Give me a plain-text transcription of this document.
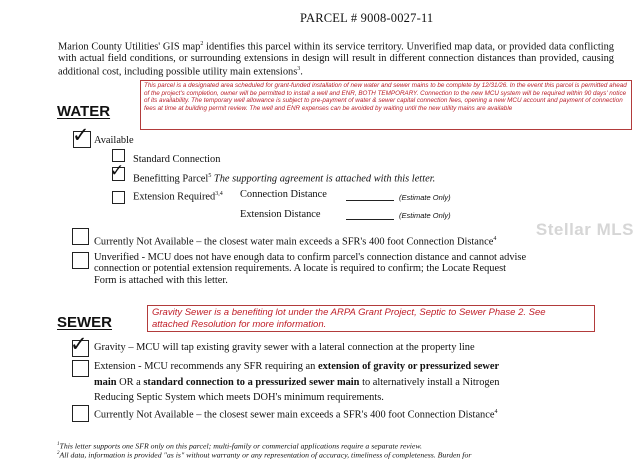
PARCEL # 9008-0027-11
Marion County Utilities' GIS map$^2$ identifies this parcel within its service territory. Unverified map data, or provided data conflicting with actual field conditions, or surrounding extensions in design will result in different connection distances than provided, causing additional cost, including possible utility main extensions$^3$.
This parcel is a designated area scheduled for grant-funded installation of new water and sewer mains to be complete by 12/31/26. In the event this parcel is permitted ahead of the project's completion, owner will be permitted to install a well and ENR, BOTH TEMPORARY. Connection to the new MCU system will be required within 90 days' notice of its availability. The temporary well allowance is subject to pre-payment of water & sewer capital connection fees, opening a new MCU account and payment of connection fees at time at building permit review. The well and ENR expenses can be avoided by waiting until the new utility mains are available
WATER
✓ Available
Standard Connection
✓ Benefitting Parcel$^5$ The supporting agreement is attached with this letter.
Extension Required$^{3,4}$ Connection Distance	(Estimate Only)
Extension Distance	(Estimate Only)
Currently Not Available – the closest water main exceeds a SFR's 400 foot Connection Distance$^4$
Unverified - MCU does not have enough data to confirm parcel's connection distance and cannot advise
connection or potential extension requirements. A locate is required to confirm; the Locate Request
Form is attached with this letter.
Gravity Sewer is a benefiting lot under the ARPA Grant Project, Septic to Sewer Phase 2. See
attached Resolution for more information.
SEWER
✓ Gravity – MCU will tap existing gravity sewer with a lateral connection at the property line
Extension - MCU recommends any SFR requiring an extension of gravity or pressurized sewer
main OR a standard connection to a pressurized sewer main to alternatively install a Nitrogen
Reducing Septic System which meets DOH's minimum requirements.
Currently Not Available – the closest sewer main exceeds a SFR's 400 foot Connection Distance$^4$
$^1$This letter supports one SFR only on this parcel; multi-family or commercial applications require a separate review.
$^2$All data, information is provided "as is" without warranty or any representation of accuracy, timeliness of completeness. Burden for
Stellar MLS
